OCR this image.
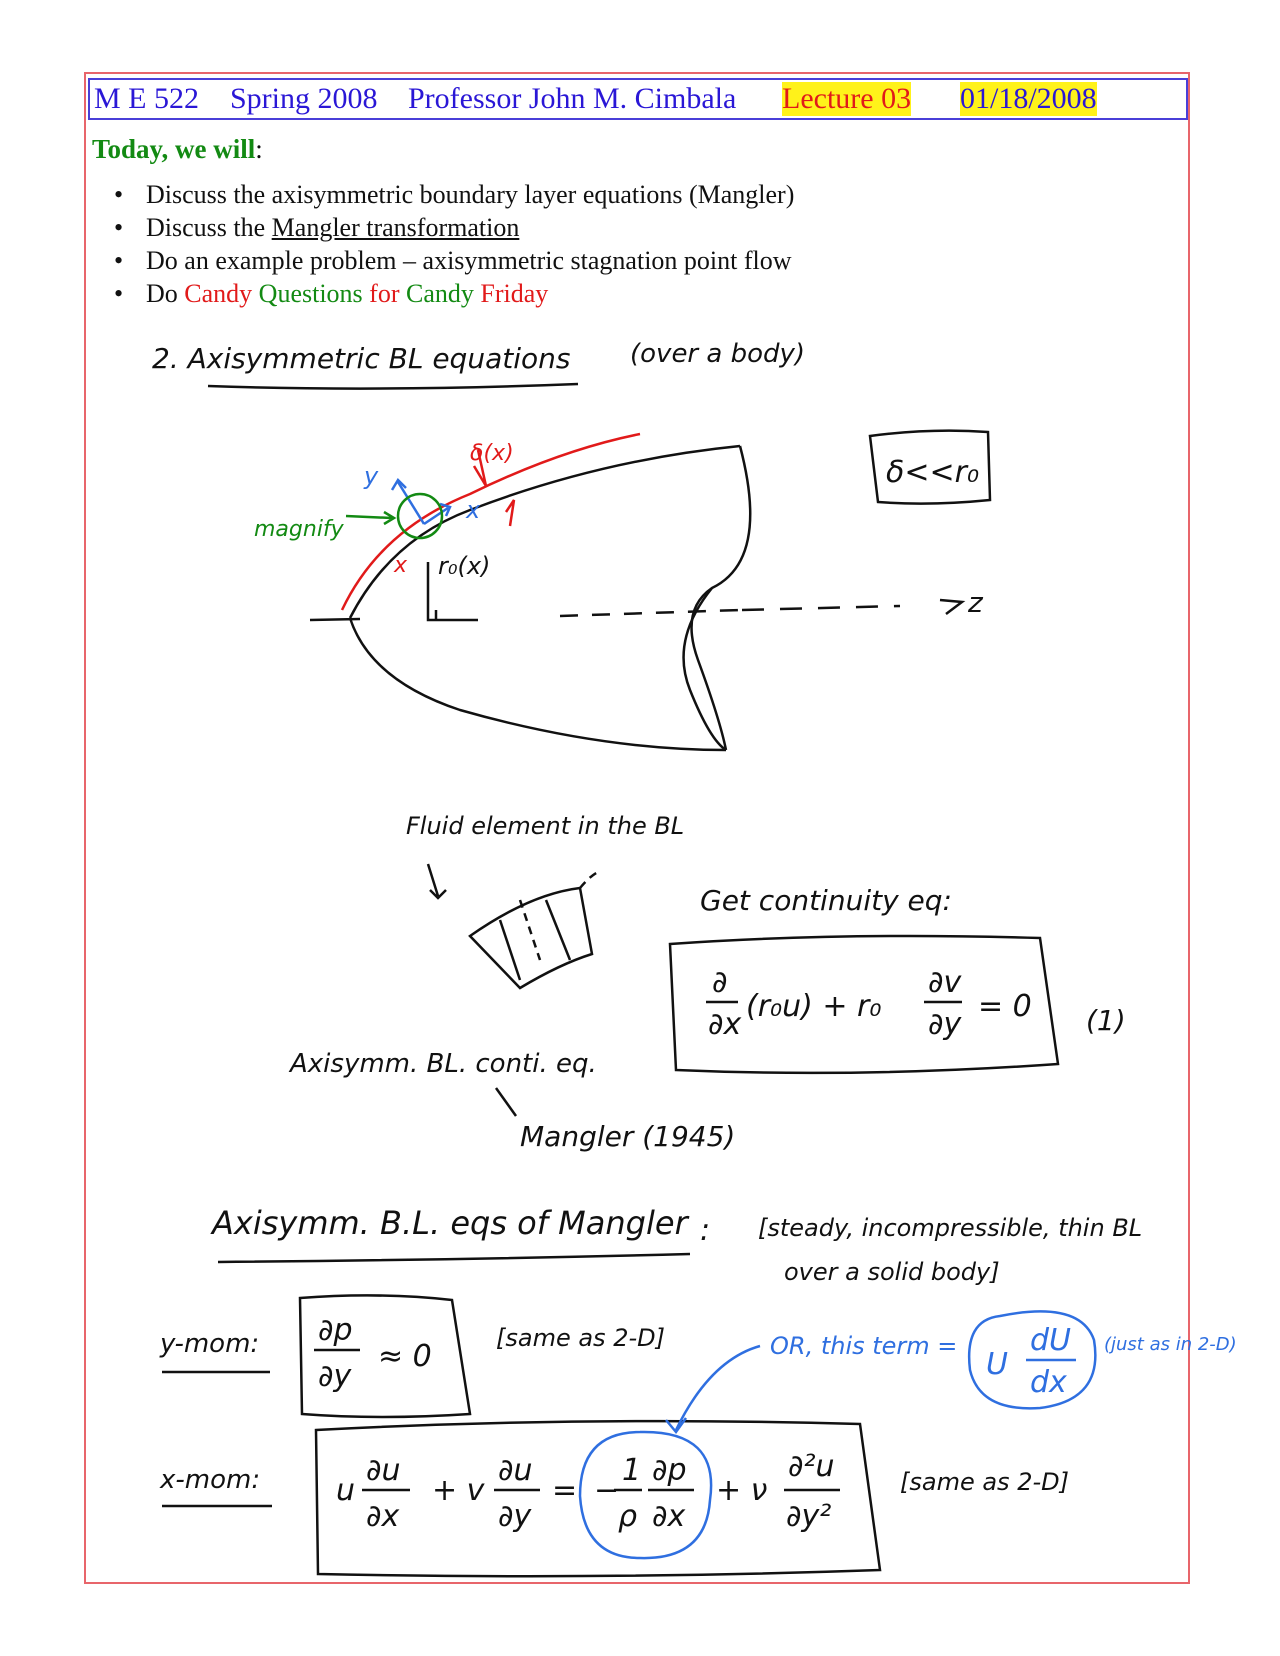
M E 522 Spring 2008 Professor John M. Cimbala Lecture 03 01/18/2008
Today, we will:
• Discuss the axisymmetric boundary layer equations (Mangler)
• Discuss the Mangler transformation
• Do an example problem – axisymmetric stagnation point flow
• Do Candy Questions for Candy Friday
2. Axisymmetric BL equations (over a body)
δ<<r₀
z
δ(x)
x
y
x
magnify
r₀(x)
Fluid element in the BL
Get continuity eq:
∂
∂x
(r₀u) + r₀
∂v
∂y
= 0 (1)
Axisymm. BL. conti. eq.
Mangler (1945)
Axisymm. B.L. eqs of Mangler : [steady, incompressible, thin BL
over a solid body]
y-mom: ∂p
∂y
≈ 0
[same as 2-D]
x-mom:	u
∂u
∂x
+ v
∂u
∂y
= −
1
ρ
∂p
∂x
+ ν
∂²u
∂y²
[same as 2-D]
OR, this term =
U
dU
dx
(just as in 2-D)
